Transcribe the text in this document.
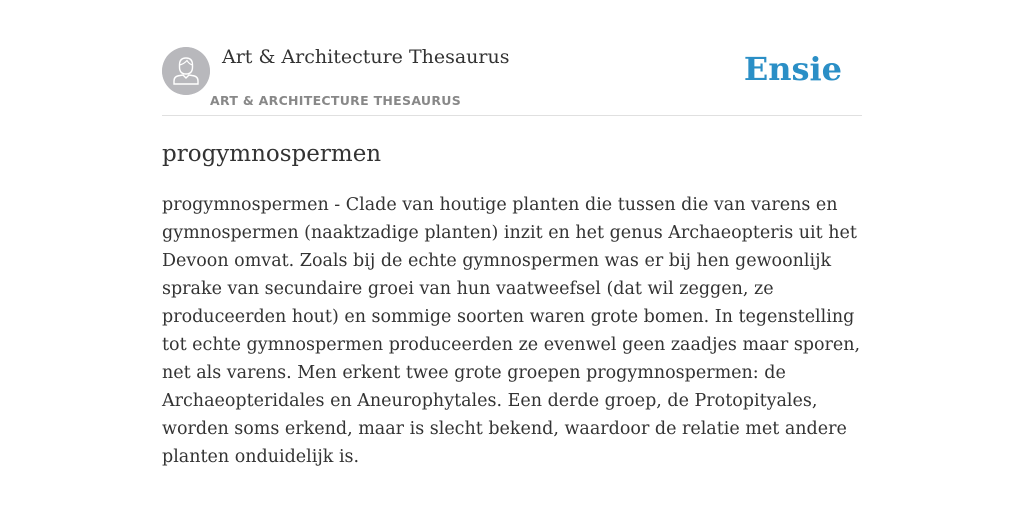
Art & Architecture Thesaurus
ART & ARCHITECTURE THESAURUS
Ensie
progymnospermen

progymnospermen - Clade van houtige planten die tussen die van varens en gymnospermen (naaktzadige planten) inzit en het genus Archaeopteris uit het Devoon omvat. Zoals bij de echte gymnospermen was er bij hen gewoonlijk sprake van secundaire groei van hun vaatweefsel (dat wil zeggen, ze produceerden hout) en sommige soorten waren grote bomen. In tegenstelling tot echte gymnospermen produceerden ze evenwel geen zaadjes maar sporen, net als varens. Men erkent twee grote groepen progymnospermen: de Archaeopteridales en Aneurophytales. Een derde groep, de Protopityales, worden soms erkend, maar is slecht bekend, waardoor de relatie met andere planten onduidelijk is.
